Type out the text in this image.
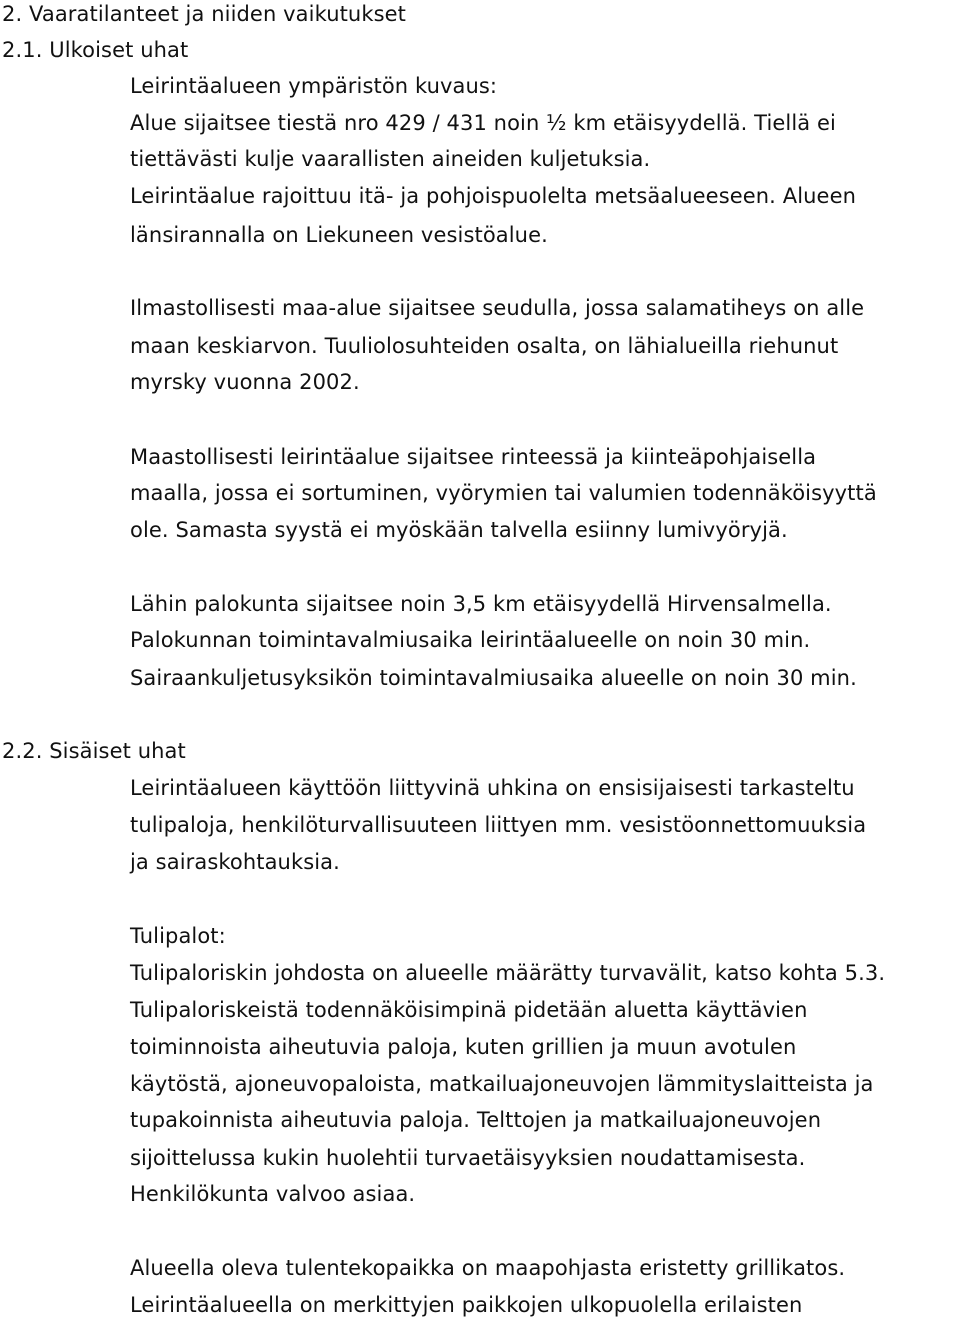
2. Vaaratilanteet ja niiden vaikutukset
2.1. Ulkoiset uhat
Leirintäalueen ympäristön kuvaus:
Alue sijaitsee tiestä nro 429 / 431 noin ½ km etäisyydellä. Tiellä ei
tiettävästi kulje vaarallisten aineiden kuljetuksia.
Leirintäalue rajoittuu itä- ja pohjoispuolelta metsäalueeseen. Alueen
länsirannalla on Liekuneen vesistöalue.
Ilmastollisesti maa-alue sijaitsee seudulla, jossa salamatiheys on alle
maan keskiarvon. Tuuliolosuhteiden osalta, on lähialueilla riehunut
myrsky vuonna 2002.
Maastollisesti leirintäalue sijaitsee rinteessä ja kiinteäpohjaisella
maalla, jossa ei sortuminen, vyörymien tai valumien todennäköisyyttä
ole. Samasta syystä ei myöskään talvella esiinny lumivyöryjä.
Lähin palokunta sijaitsee noin 3,5 km etäisyydellä Hirvensalmella.
Palokunnan toimintavalmiusaika leirintäalueelle on noin 30 min.
Sairaankuljetusyksikön toimintavalmiusaika alueelle on noin 30 min.
2.2. Sisäiset uhat
Leirintäalueen käyttöön liittyvinä uhkina on ensisijaisesti tarkasteltu
tulipaloja, henkilöturvallisuuteen liittyen mm. vesistöonnettomuuksia
ja sairaskohtauksia.
Tulipalot:
Tulipaloriskin johdosta on alueelle määrätty turvavälit, katso kohta 5.3.
Tulipaloriskeistä todennäköisimpinä pidetään aluetta käyttävien
toiminnoista aiheutuvia paloja, kuten grillien ja muun avotulen
käytöstä, ajoneuvopaloista, matkailuajoneuvojen lämmityslaitteista ja
tupakoinnista aiheutuvia paloja. Telttojen ja matkailuajoneuvojen
sijoittelussa kukin huolehtii turvaetäisyyksien noudattamisesta.
Henkilökunta valvoo asiaa.
Alueella oleva tulentekopaikka on maapohjasta eristetty grillikatos.
Leirintäalueella on merkittyjen paikkojen ulkopuolella erilaisten
